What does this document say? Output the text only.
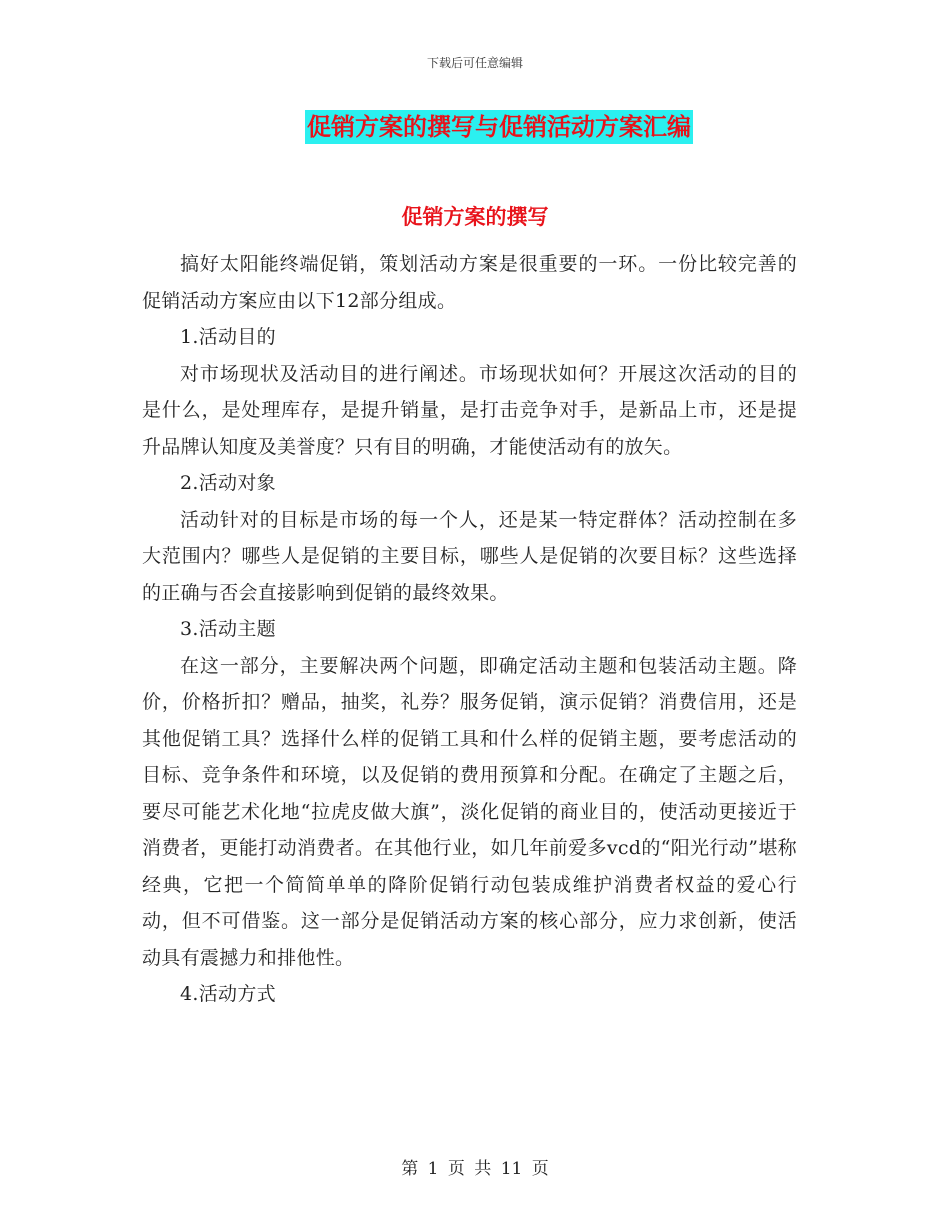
下载后可任意编辑
促销方案的撰写与促销活动方案汇编
促销方案的撰写

搞好太阳能终端促销，策划活动方案是很重要的一环。一份比较完善的促销活动方案应由以下12部分组成。

1.活动目的

对市场现状及活动目的进行阐述。市场现状如何？开展这次活动的目的是什么，是处理库存，是提升销量，是打击竞争对手，是新品上市，还是提升品牌认知度及美誉度？只有目的明确，才能使活动有的放矢。

2.活动对象

活动针对的目标是市场的每一个人，还是某一特定群体？活动控制在多大范围内？哪些人是促销的主要目标，哪些人是促销的次要目标？这些选择的正确与否会直接影响到促销的最终效果。

3.活动主题

在这一部分，主要解决两个问题，即确定活动主题和包装活动主题。降价，价格折扣？赠品，抽奖，礼券？服务促销，演示促销？消费信用，还是其他促销工具？选择什么样的促销工具和什么样的促销主题，要考虑活动的目标、竞争条件和环境，以及促销的费用预算和分配。在确定了主题之后，要尽可能艺术化地“拉虎皮做大旗”，淡化促销的商业目的，使活动更接近于消费者，更能打动消费者。在其他行业，如几年前爱多vcd的“阳光行动”堪称经典，它把一个简简单单的降阶促销行动包装成维护消费者权益的爱心行动，但不可借鉴。这一部分是促销活动方案的核心部分，应力求创新，使活动具有震撼力和排他性。

4.活动方式

第 1 页 共 11 页
